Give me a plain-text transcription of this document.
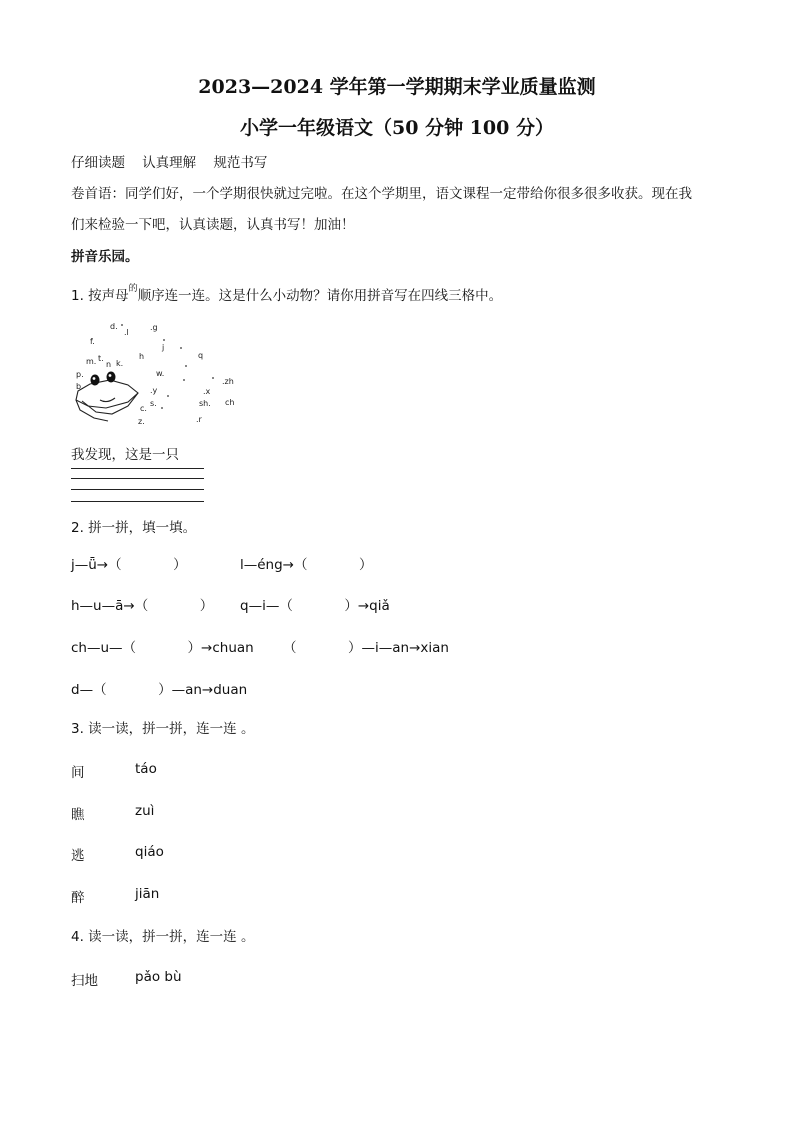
2023—2024 学年第一学期期末学业质量监测
小学一年级语文（50 分钟 100 分）
仔细读题    认真理解    规范书写
卷首语：同学们好，一个学期很快就过完啦。在这个学期里，语文课程一定带给你很多很多收获。现在我
们来检验一下吧，认真读题，认真书写！加油！
拼音乐园。
1. 按声母$^的$顺序连一连。这是什么小动物？请你用拼音写在四线三格中。
d.
.l
.g
f.
j
h	q
m. t.
n k.
w.
p.
b.
.zh
.x
.y
sh. ch
c.
s.
z.	.r
我发现，这是一只
2. 拼一拼，填一填。
j—ǖ→（            ）	l—éng→（            ）
h—u—ā→（            ） q—i—（            ）→qiǎ
ch—u—（            ）→chuan （            ）—i—an→xian
d—（            ）—an→duan
3. 读一读，拼一拼，连一连 。
间	táo
瞧	zuì
逃	qiáo
醉	jiān
4. 读一读，拼一拼，连一连 。
扫地	pǎo bù
